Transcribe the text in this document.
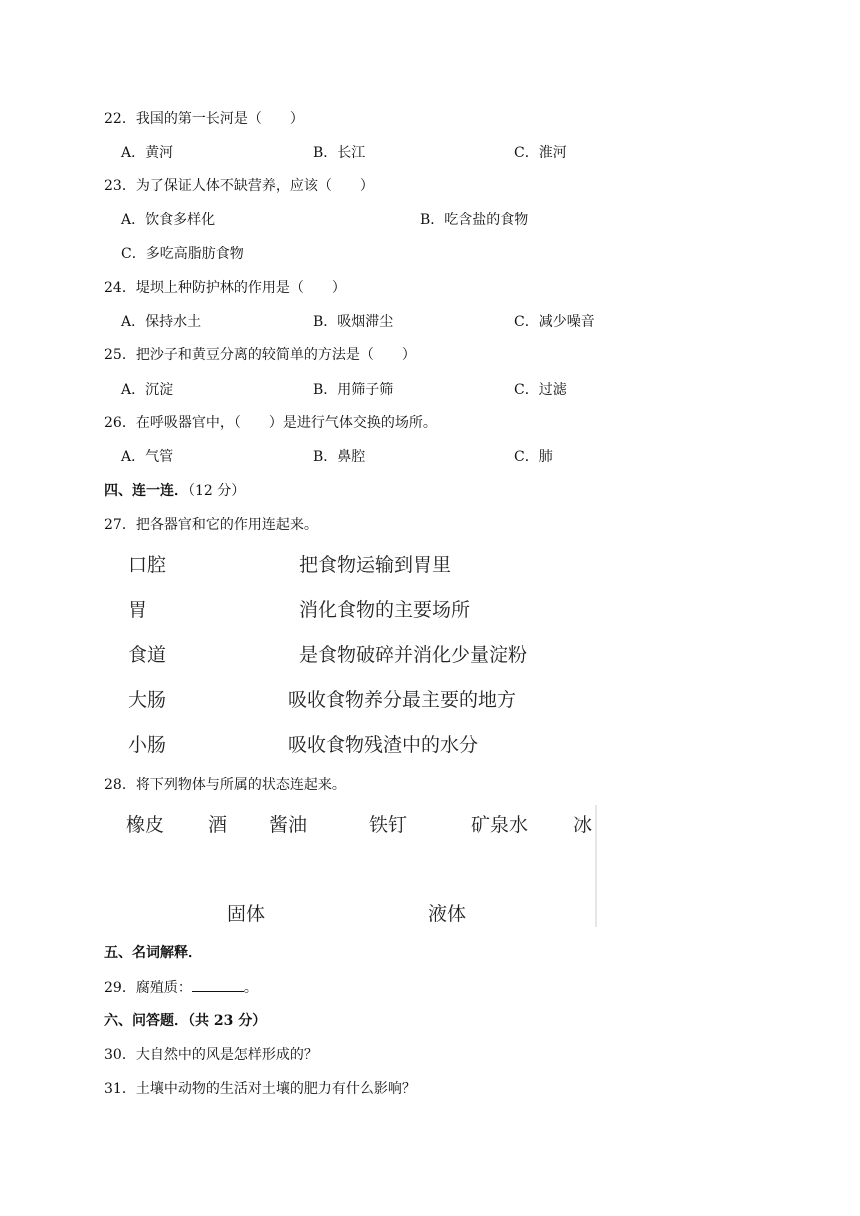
22．我国的第一长河是（　　）
A．黄河	B．长江	C．淮河
23．为了保证人体不缺营养，应该（　　）
A．饮食多样化	B．吃含盐的食物
C．多吃高脂肪食物
24．堤坝上种防护林的作用是（　　）
A．保持水土	B．吸烟滞尘	C．减少噪音
25．把沙子和黄豆分离的较简单的方法是（　　）
A．沉淀	B．用筛子筛	C．过滤
26．在呼吸器官中，（　　）是进行气体交换的场所。
A．气管	B．鼻腔	C．肺
四、连一连．（12 分）
27．把各器官和它的作用连起来。
口腔
胃
食道
大肠
小肠
把食物运输到胃里
消化食物的主要场所
是食物破碎并消化少量淀粉
吸收食物养分最主要的地方
吸收食物残渣中的水分
28．将下列物体与所属的状态连起来。
橡皮 酒 酱油	铁钉	矿泉水 冰
固体	液体
五、名词解释．
29．腐殖质：	。
六、问答题．（共 23 分）
30．大自然中的风是怎样形成的？
31．土壤中动物的生活对土壤的肥力有什么影响？
